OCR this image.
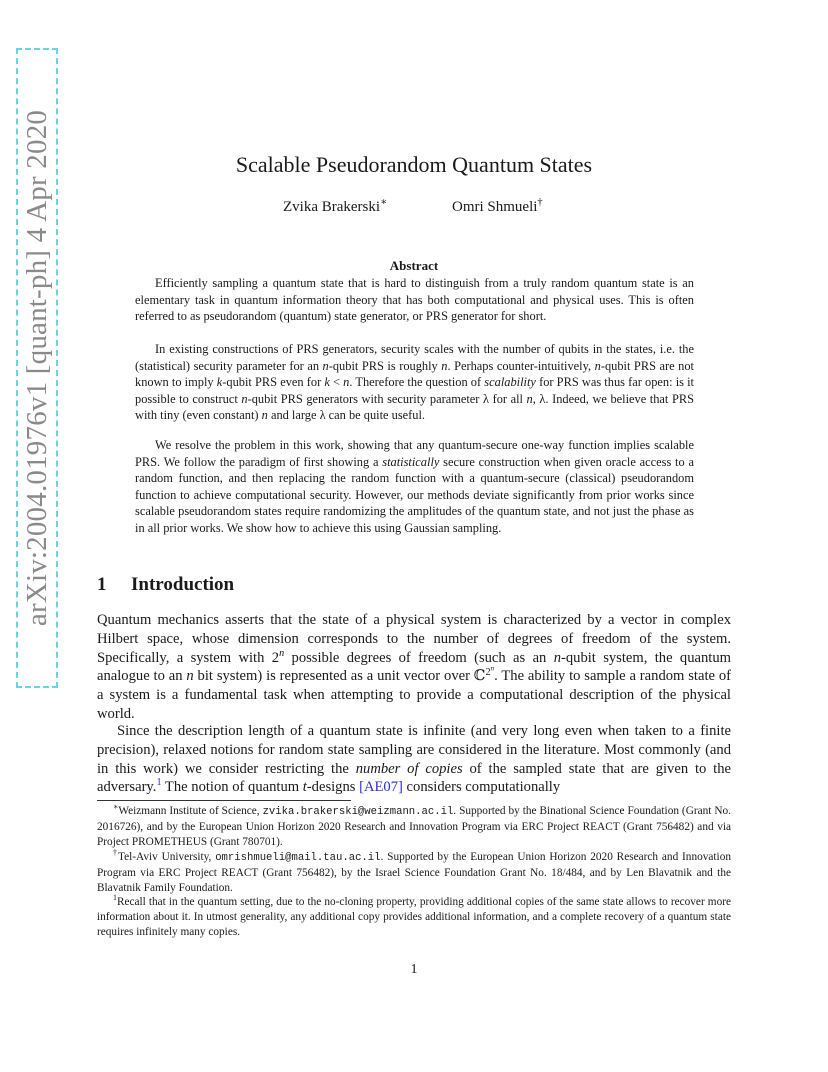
arXiv:2004.01976v1 [quant-ph] 4 Apr 2020	Scalable Pseudorandom Quantum States
Zvika Brakerski∗	Omri Shmueli†
Abstract

Efficiently sampling a quantum state that is hard to distinguish from a truly random quantum state is an elementary task in quantum information theory that has both computational and physical uses. This is often referred to as pseudorandom (quantum) state generator, or PRS generator for short.

In existing constructions of PRS generators, security scales with the number of qubits in the states, i.e. the (statistical) security parameter for an n-qubit PRS is roughly n. Perhaps counter-intuitively, n-qubit PRS are not known to imply k-qubit PRS even for k < n. Therefore the question of scalability for PRS was thus far open: is it possible to construct n-qubit PRS generators with security parameter λ for all n, λ. Indeed, we believe that PRS with tiny (even constant) n and large λ can be quite useful.

We resolve the problem in this work, showing that any quantum-secure one-way function implies scalable PRS. We follow the paradigm of first showing a statistically secure construction when given oracle access to a random function, and then replacing the random function with a quantum-secure (classical) pseudorandom function to achieve computational security. However, our methods deviate significantly from prior works since scalable pseudorandom states require randomizing the amplitudes of the quantum state, and not just the phase as in all prior works. We show how to achieve this using Gaussian sampling.

1 Introduction

Quantum mechanics asserts that the state of a physical system is characterized by a vector in complex Hilbert space, whose dimension corresponds to the number of degrees of freedom of the system. Specifically, a system with 2$^n$ possible degrees of freedom (such as an n-qubit system, the quantum analogue to an n bit system) is represented as a unit vector over ℂ$^{2^n}$. The ability to sample a random state of a system is a fundamental task when attempting to provide a computational description of the physical world.

Since the description length of a quantum state is infinite (and very long even when taken to a finite precision), relaxed notions for random state sampling are considered in the literature. Most commonly (and in this work) we consider restricting the number of copies of the sampled state that are given to the adversary.$^1$ The notion of quantum t-designs [AE07] considers computationally

∗Weizmann Institute of Science, zvika.brakerski@weizmann.ac.il. Supported by the Binational Science Foundation (Grant No. 2016726), and by the European Union Horizon 2020 Research and Innovation Program via ERC Project REACT (Grant 756482) and via Project PROMETHEUS (Grant 780701).

†Tel-Aviv University, omrishmueli@mail.tau.ac.il. Supported by the European Union Horizon 2020 Research and Innovation Program via ERC Project REACT (Grant 756482), by the Israel Science Foundation Grant No. 18/484, and by Len Blavatnik and the Blavatnik Family Foundation.

$^1$Recall that in the quantum setting, due to the no-cloning property, providing additional copies of the same state allows to recover more information about it. In utmost generality, any additional copy provides additional information, and a complete recovery of a quantum state requires infinitely many copies.

1
